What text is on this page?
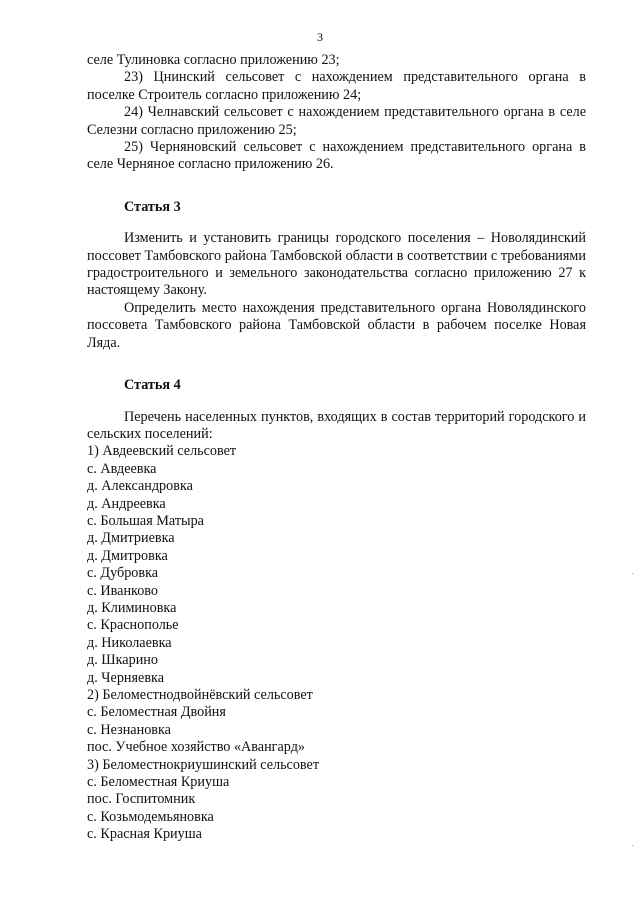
3

селе Тулиновка согласно приложению 23;

23) Цнинский сельсовет с нахождением представительного органа в поселке Строитель согласно приложению 24;

24) Челнавский сельсовет с нахождением представительного органа в селе Селезни согласно приложению 25;

25) Черняновский сельсовет с нахождением представительного органа в селе Черняное согласно приложению 26.

Статья 3

Изменить и установить границы городского поселения – Новолядинский поссовет Тамбовского района Тамбовской области в соответствии с требованиями градостроительного и земельного законодательства согласно приложению 27 к настоящему Закону.

Определить место нахождения представительного органа Новолядинского поссовета Тамбовского района Тамбовской области в рабочем поселке Новая Ляда.

Статья 4

Перечень населенных пунктов, входящих в состав территорий городского и сельских поселений:

1) Авдеевский сельсовет

с. Авдеевка

д. Александровка

д. Андреевка

с. Большая Матыра

д. Дмитриевка

д. Дмитровка

с. Дубровка

с. Иванково

д. Климиновка

с. Краснополье

д. Николаевка

д. Шкарино

д. Черняевка

2) Беломестнодвойнёвский сельсовет

с. Беломестная Двойня

с. Незнановка

пос. Учебное хозяйство «Авангард»

3) Беломестнокриушинский сельсовет

с. Беломестная Криуша

пос. Госпитомник

с. Козьмодемьяновка

с. Красная Криуша

˙
˙
